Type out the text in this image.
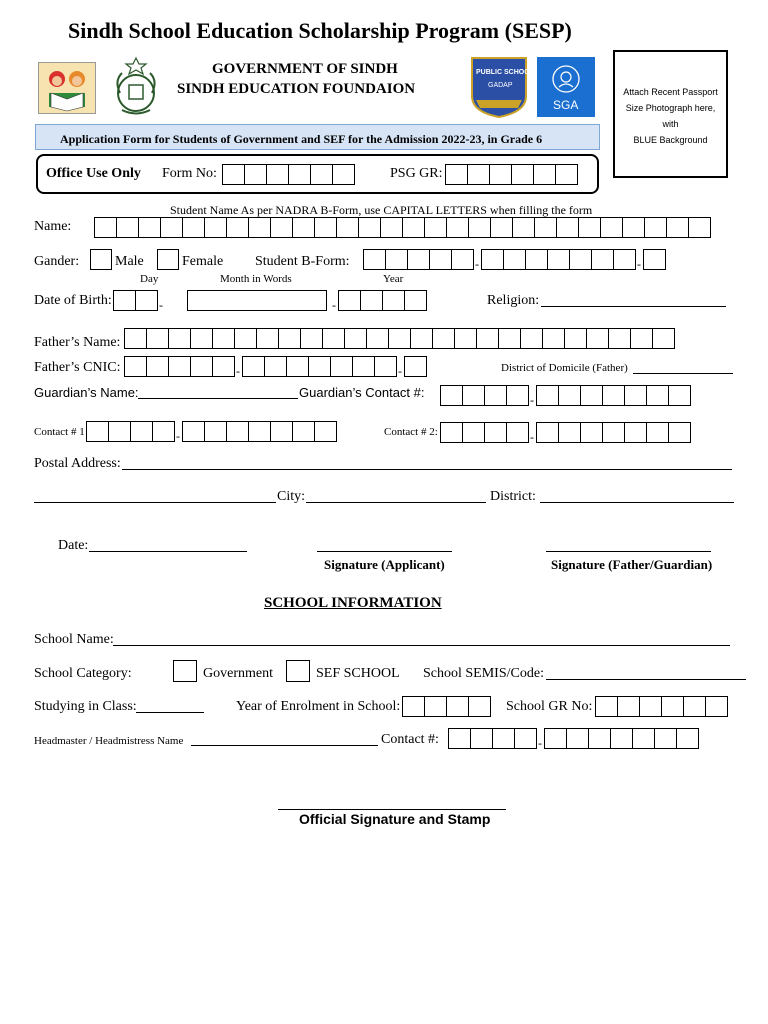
Sindh School Education Scholarship Program (SESP)
GOVERNMENT OF SINDH
SINDH EDUCATION FOUNDAION
PUBLIC SCHOOL
GADAP
SGA
Attach Recent Passport
Size Photograph here,
with
BLUE Background
Application Form for Students of Government and SEF for the Admission 2022-23, in Grade 6
Office Use Only Form No:	PSG GR:
Student Name As per NADRA B-Form, use CAPITAL LETTERS when filling the form
Name:
Gander:	Male	Female Student B-Form:	-	-
Day	Month in Words	Year
Date of Birth:	-	-	Religion:
Father’s Name:
Father’s CNIC:	-	-	District of Domicile (Father)
Guardian’s Name:	Guardian’s Contact #:	-
Contact # 1	-	Contact # 2:	-
Postal Address:
City:	District:
Date:
Signature (Applicant)	Signature (Father/Guardian)
SCHOOL INFORMATION
School Name:
School Category:	Government	SEF SCHOOL School SEMIS/Code:
Studying in Class:	Year of Enrolment in School:	School GR No:
Headmaster / Headmistress Name	Contact #:	-
Official Signature and Stamp
